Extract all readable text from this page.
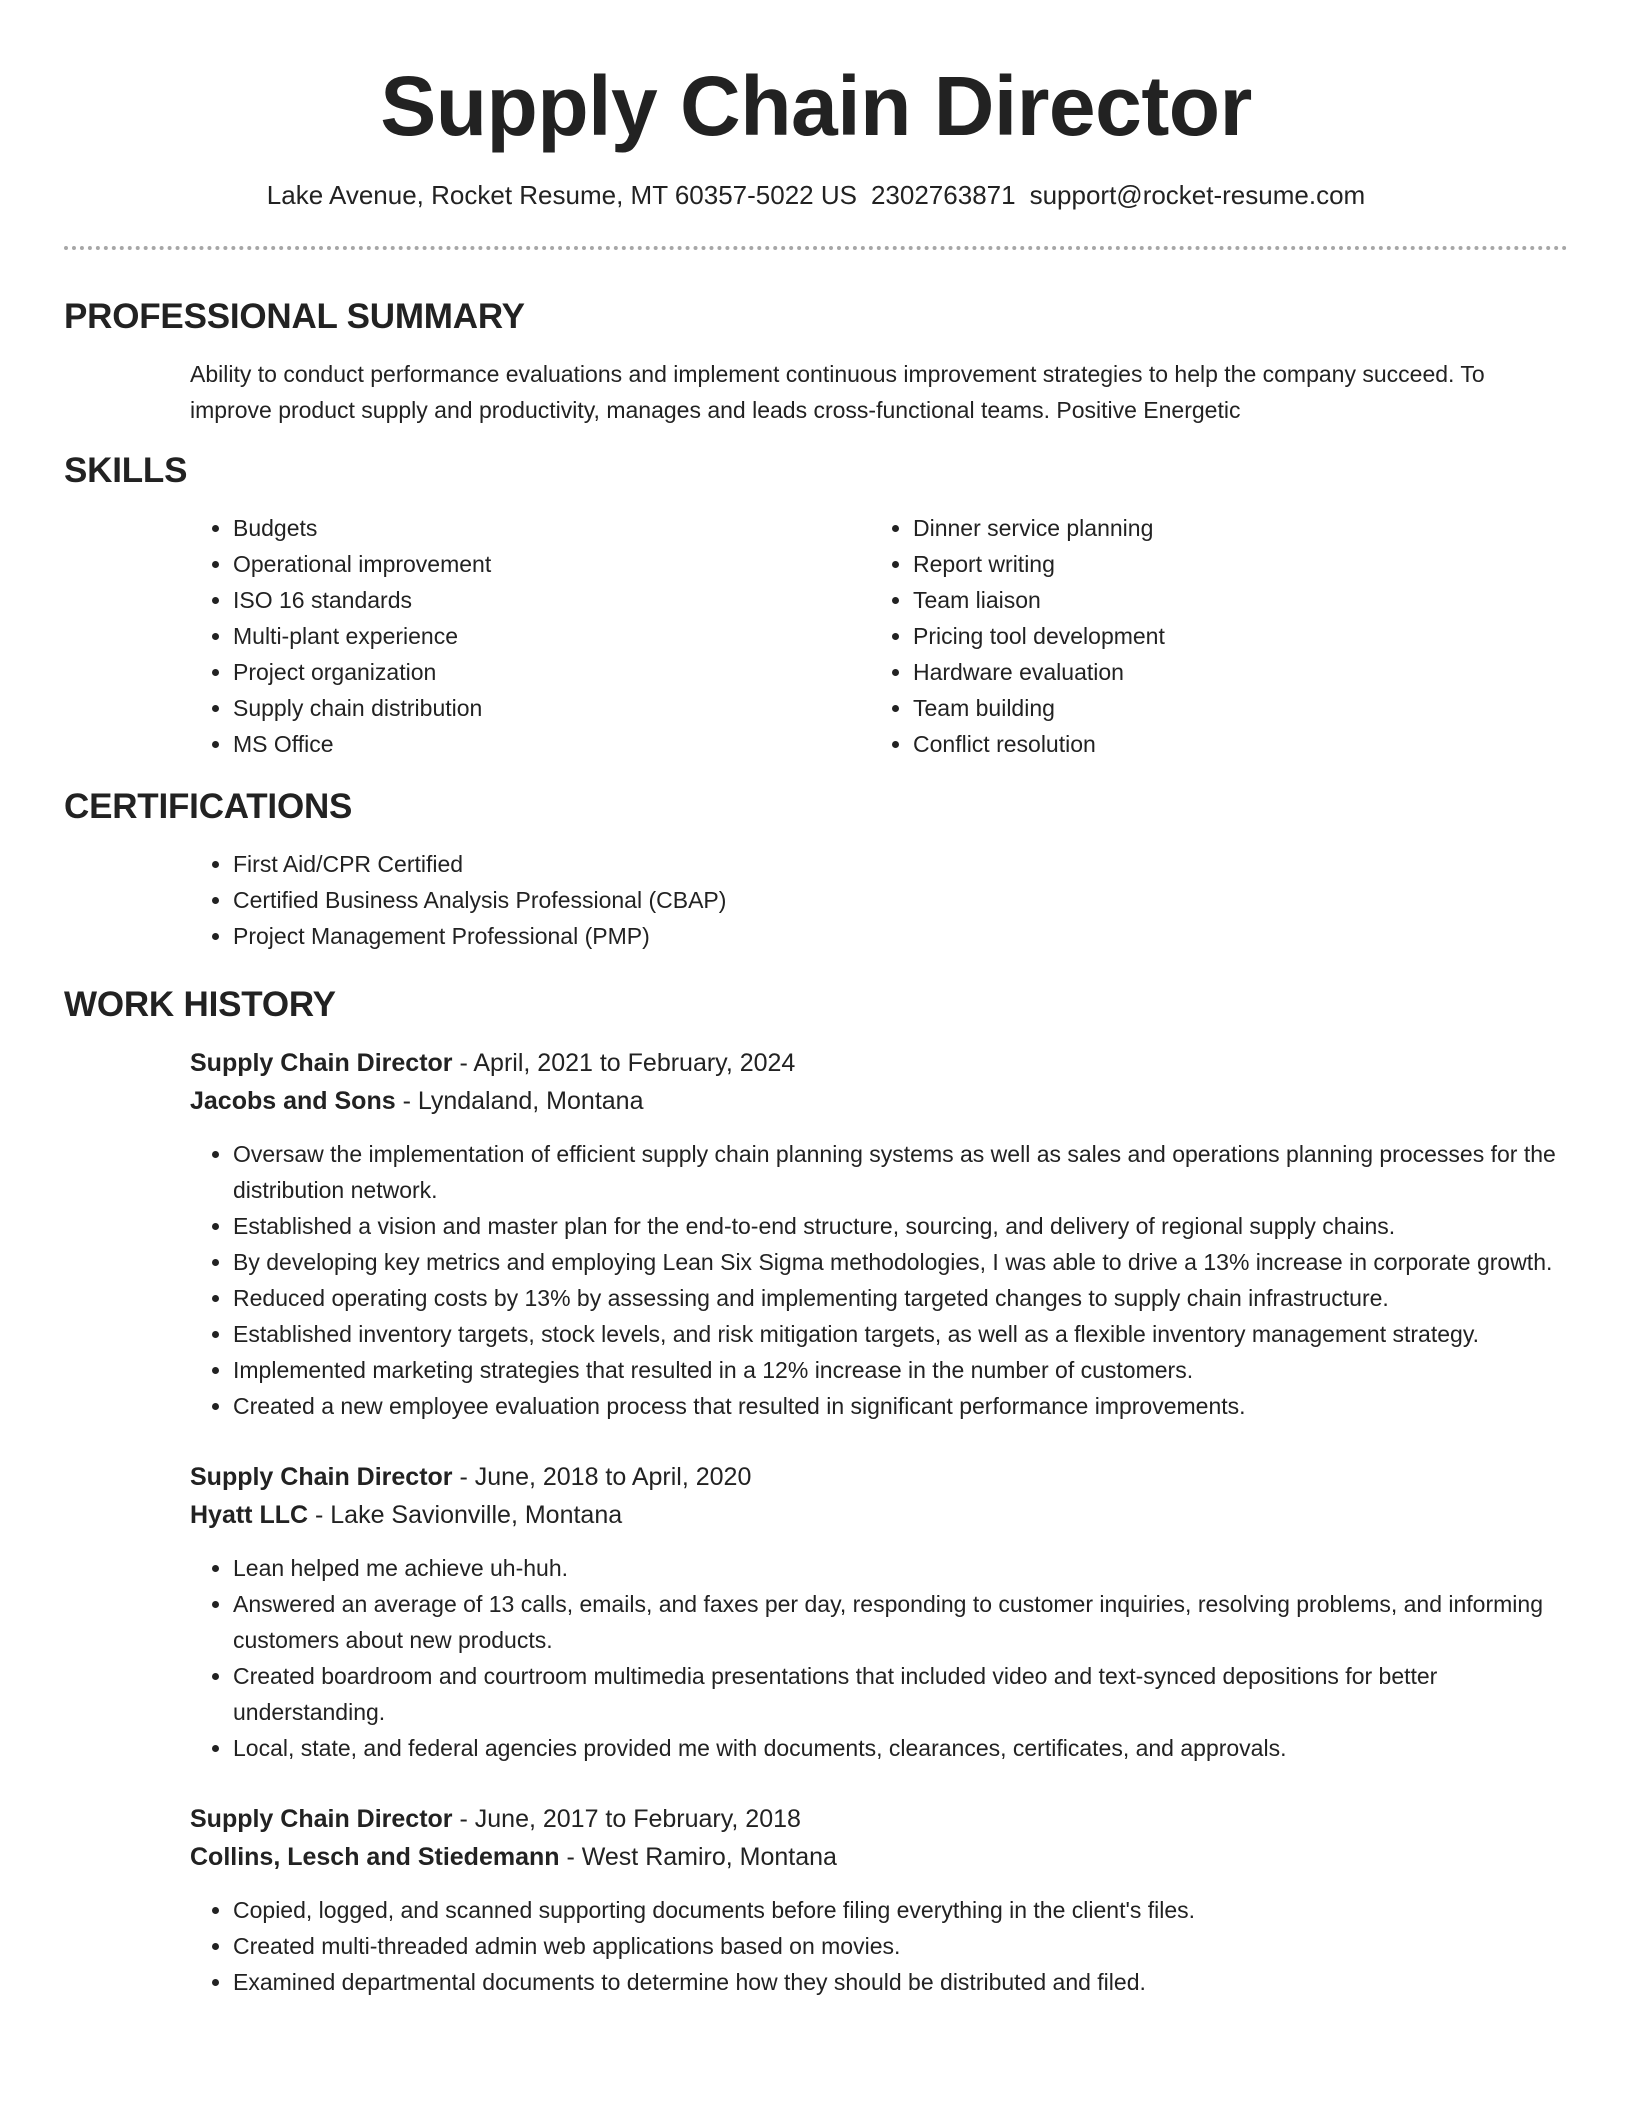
Supply Chain Director
Lake Avenue, Rocket Resume, MT 60357-5022 US 2302763871 support@rocket-resume.com
PROFESSIONAL SUMMARY
Ability to conduct performance evaluations and implement continuous improvement strategies to help the company succeed. To improve product supply and productivity, manages and leads cross-functional teams. Positive Energetic
SKILLS
• Budgets
• Operational improvement
• ISO 16 standards
• Multi-plant experience
• Project organization
• Supply chain distribution
• MS Office
• Dinner service planning
• Report writing
• Team liaison
• Pricing tool development
• Hardware evaluation
• Team building
• Conflict resolution
CERTIFICATIONS
• First Aid/CPR Certified
• Certified Business Analysis Professional (CBAP)
• Project Management Professional (PMP)
WORK HISTORY
Supply Chain Director - April, 2021 to February, 2024
Jacobs and Sons - Lyndaland, Montana
• Oversaw the implementation of efficient supply chain planning systems as well as sales and operations planning processes for the distribution network.
• Established a vision and master plan for the end-to-end structure, sourcing, and delivery of regional supply chains.
• By developing key metrics and employing Lean Six Sigma methodologies, I was able to drive a 13% increase in corporate growth.
• Reduced operating costs by 13% by assessing and implementing targeted changes to supply chain infrastructure.
• Established inventory targets, stock levels, and risk mitigation targets, as well as a flexible inventory management strategy.
• Implemented marketing strategies that resulted in a 12% increase in the number of customers.
• Created a new employee evaluation process that resulted in significant performance improvements.
Supply Chain Director - June, 2018 to April, 2020
Hyatt LLC - Lake Savionville, Montana
• Lean helped me achieve uh-huh.
• Answered an average of 13 calls, emails, and faxes per day, responding to customer inquiries, resolving problems, and informing customers about new products.
• Created boardroom and courtroom multimedia presentations that included video and text-synced depositions for better understanding.
• Local, state, and federal agencies provided me with documents, clearances, certificates, and approvals.
Supply Chain Director - June, 2017 to February, 2018
Collins, Lesch and Stiedemann - West Ramiro, Montana
• Copied, logged, and scanned supporting documents before filing everything in the client's files.
• Created multi-threaded admin web applications based on movies.
• Examined departmental documents to determine how they should be distributed and filed.
